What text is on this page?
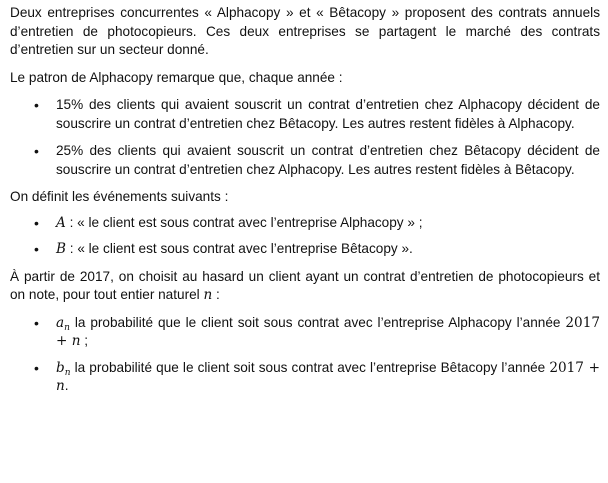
Deux entreprises concurrentes « Alphacopy » et « Bêtacopy » proposent des contrats annuels d’entretien de photocopieurs. Ces deux entreprises se partagent le marché des contrats d’entretien sur un secteur donné.

Le patron de Alphacopy remarque que, chaque année :

• 15% des clients qui avaient souscrit un contrat d’entretien chez Alphacopy décident de souscrire un contrat d’entretien chez Bêtacopy. Les autres restent fidèles à Alphacopy.
• 25% des clients qui avaient souscrit un contrat d’entretien chez Bêtacopy décident de souscrire un contrat d’entretien chez Alphacopy. Les autres restent fidèles à Bêtacopy.

On définit les événements suivants :

• A : « le client est sous contrat avec l’entreprise Alphacopy » ;
• B : « le client est sous contrat avec l’entreprise Bêtacopy ».

À partir de 2017, on choisit au hasard un client ayant un contrat d’entretien de photocopieurs et on note, pour tout entier naturel n :

• $a_n$ la probabilité que le client soit sous contrat avec l’entreprise Alphacopy l’année 2017 + n ;
• $b_n$ la probabilité que le client soit sous contrat avec l’entreprise Bêtacopy l’année 2017 + n.
